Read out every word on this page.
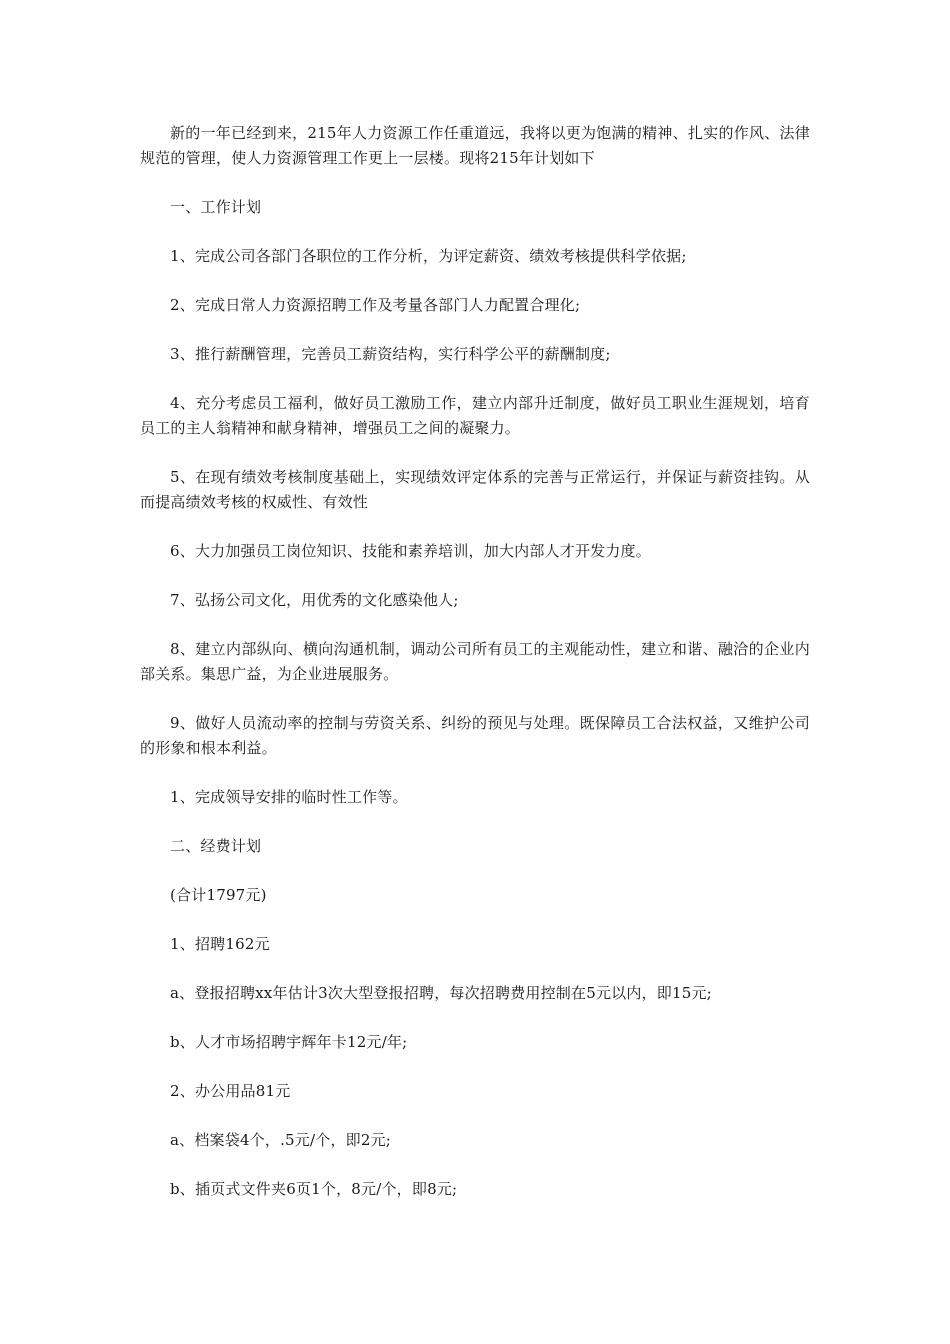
新的一年已经到来，215年人力资源工作任重道远，我将以更为饱满的精神、扎实的作风、法律规范的管理，使人力资源管理工作更上一层楼。现将215年计划如下

一、工作计划

1、完成公司各部门各职位的工作分析，为评定薪资、绩效考核提供科学依据;

2、完成日常人力资源招聘工作及考量各部门人力配置合理化;

3、推行薪酬管理，完善员工薪资结构，实行科学公平的薪酬制度;

4、充分考虑员工福利，做好员工激励工作，建立内部升迁制度，做好员工职业生涯规划，培育员工的主人翁精神和献身精神，增强员工之间的凝聚力。

5、在现有绩效考核制度基础上，实现绩效评定体系的完善与正常运行，并保证与薪资挂钩。从而提高绩效考核的权威性、有效性

6、大力加强员工岗位知识、技能和素养培训，加大内部人才开发力度。

7、弘扬公司文化，用优秀的文化感染他人;

8、建立内部纵向、横向沟通机制，调动公司所有员工的主观能动性，建立和谐、融洽的企业内部关系。集思广益，为企业进展服务。

9、做好人员流动率的控制与劳资关系、纠纷的预见与处理。既保障员工合法权益，又维护公司的形象和根本利益。

1、完成领导安排的临时性工作等。

二、经费计划

(合计1797元)

1、招聘162元

a、登报招聘xx年估计3次大型登报招聘，每次招聘费用控制在5元以内，即15元;

b、人才市场招聘宇辉年卡12元/年;

2、办公用品81元

a、档案袋4个，.5元/个，即2元;

b、插页式文件夹6页1个，8元/个，即8元;
